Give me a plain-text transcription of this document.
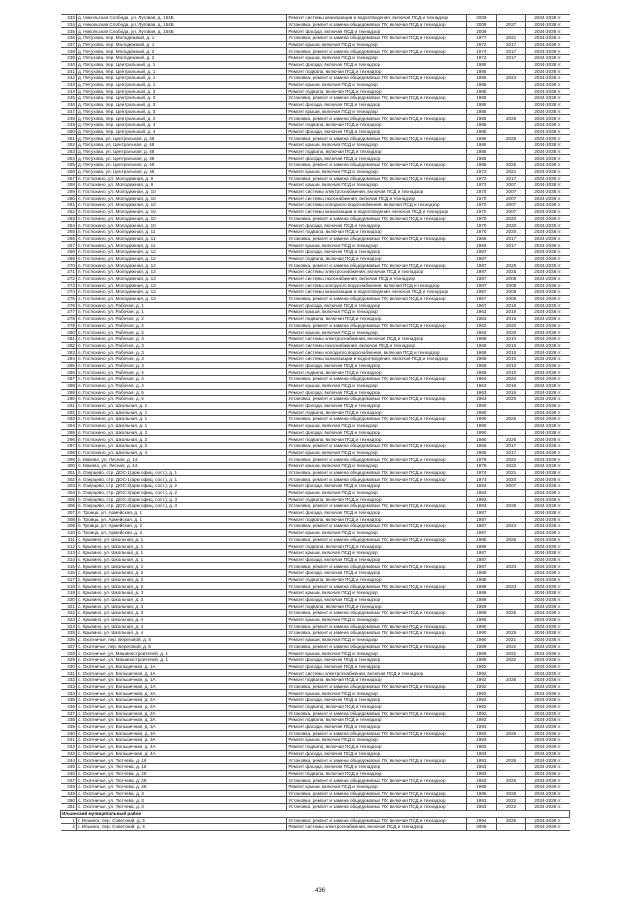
233	д. Никольская Слобода, ул. Луговая, д. 154Б	Ремонт системы канализации и водоотведения, включая ПСД и технадзор	2009		2034-2038 гг.
234	д. Никольская Слобода, ул. Луговая, д. 154Б	Установка, ремонт и замена общедомовых ПУ, включая ПСД и технадзор	2009	2027	2034-2038 гг.
235	д. Никольская Слобода, ул. Луговая, д. 154Б	Ремонт фасада, включая ПСД и технадзор	2009		2034-2038 гг.
236	д. Петухова, пер. Молодежный, д. 1	Установка, ремонт и замена общедомовых ПУ, включая ПСД и технадзор	1977	2021	2034-2038 гг.
237	д. Петухова, пер. Молодежный, д. 1	Ремонт крыши, включая ПСД и технадзор	1972	2017	2034-2038 гг.
238	д. Петухова, пер. Молодежный, д. 2	Установка, ремонт и замена общедомовых ПУ, включая ПСД и технадзор	1974	2017	2034-2038 гг.
239	д. Петухова, пер. Молодежный, д. 2	Ремонт крыши, включая ПСД и технадзор	1974	2017	2034-2038 гг.
240	д. Петухова, пер. Центральный, д. 1	Ремонт фасада, включая ПСД и технадзор	1985		2034-2038 гг.
241	д. Петухова, пер. Центральный, д. 1	Ремонт подвала, включая ПСД и технадзор	1985		2034-2038 гг.
242	д. Петухова, пер. Центральный, д. 1	Установка, ремонт и замена общедомовых ПУ, включая ПСД и технадзор	1985	2024	2034-2038 гг.
243	д. Петухова, пер. Центральный, д. 1	Ремонт крыши, включая ПСД и технадзор	1985		2034-2038 гг.
244	д. Петухова, пер. Центральный, д. 3	Ремонт подвала, включая ПСД и технадзор	1985		2034-2038 гг.
245	д. Петухова, пер. Центральный, д. 3	Установка, ремонт и замена общедомовых ПУ, включая ПСД и технадзор	1985		2034-2038 гг.
246	д. Петухова, пер. Центральный, д. 3	Ремонт фасада, включая ПСД и технадзор	1985		2034-2038 гг.
247	д. Петухова, пер. Центральный, д. 3	Ремонт крыши, включая ПСД и технадзор	1985		2034-2038 гг.
248	д. Петухова, пер. Центральный, д. 4	Установка, ремонт и замена общедомовых ПУ, включая ПСД и технадзор	1985	2025	2034-2038 гг.
249	д. Петухова, пер. Центральный, д. 4	Ремонт подвала, включая ПСД и технадзор	1985		2034-2038 гг.
250	д. Петухова, пер. Центральный, д. 4	Ремонт фасада, включая ПСД и технадзор	1985		2034-2038 гг.
251	д. Петухова, ул. Центральная, д. 48	Установка, ремонт и замена общедомовых ПУ, включая ПСД и технадзор	1985	2025	2034-2038 гг.
252	д. Петухова, ул. Центральная, д. 48	Ремонт крыши, включая ПСД и технадзор	1985		2034-2038 гг.
253	д. Петухова, ул. Центральная, д. 48	Ремонт подвала, включая ПСД и технадзор	1985		2034-2038 гг.
254	д. Петухова, ул. Центральная, д. 49	Ремонт фасада, включая ПСД и технадзор	1985		2034-2038 гг.
255	д. Петухова, ул. Центральная, д. 49	Установка, ремонт и замена общедомовых ПУ, включая ПСД и технадзор	1985	2025	2034-2038 гг.
256	д. Петухова, ул. Центральная, д. 49	Ремонт крыши, включая ПСД и технадзор	1972	2021	2034-2038 гг.
257	п. Гостюхино, ул. Молодежная, д. 9	Установка, ремонт и замена общедомовых ПУ, включая ПСД и технадзор	1972	2017	2034-2038 гг.
258	п. Гостюхино, ул. Молодежная, д. 9	Ремонт крыши, включая ПСД и технадзор	1973	2007	2034-2038 гг.
259	п. Гостюхино, ул. Молодежная, д. 10	Ремонт системы электроснабжения, включая ПСД и технадзор	1970	2007	2034-2038 гг.
260	п. Гостюхино, ул. Молодежная, д. 10	Ремонт системы газоснабжения, включая ПСД и технадзор	1970	2007	2034-2038 гг.
261	п. Гостюхино, ул. Молодежная, д. 10	Ремонт системы холодного водоснабжения, включая ПСД и технадзор	1970	2007	2034-2038 гг.
262	п. Гостюхино, ул. Молодежная, д. 10	Ремонт системы канализации и водоотведения, включая ПСД и технадзор	1970	2007	2034-2038 гг.
263	п. Гостюхино, ул. Молодежная, д. 10	Установка, ремонт и замена общедомовых ПУ, включая ПСД и технадзор	1970	2020	2034-2038 гг.
264	п. Гостюхино, ул. Молодежная, д. 10	Ремонт фасада, включая ПСД и технадзор	1970	2020	2034-2038 гг.
265	п. Гостюхино, ул. Молодежная, д. 11	Ремонт подвала, включая ПСД и технадзор	1970	2020	2034-2038 гг.
266	п. Гостюхино, ул. Молодежная, д. 11	Установка, ремонт и замена общедомовых ПУ, включая ПСД и технадзор	1966	2017	2034-2038 гг.
267	п. Гостюхино, ул. Молодежная, д. 11	Ремонт крыши, включая ПСД и технадзор	1966	2017	2034-2038 гг.
268	п. Гостюхино, ул. Молодежная, д. 12	Ремонт фасада, включая ПСД и технадзор	1987		2034-2038 гг.
269	п. Гостюхино, ул. Молодежная, д. 12	Ремонт подвала, включая ПСД и технадзор	1987		2034-2038 гг.
270	п. Гостюхино, ул. Молодежная, д. 12	Установка, ремонт и замена общедомовых ПУ, включая ПСД и технадзор	1987	2025	2034-2038 гг.
271	п. Гостюхино, ул. Молодежная, д. 13	Ремонт системы электроснабжения, включая ПСД и технадзор	1987	2025	2034-2038 гг.
272	п. Гостюхино, ул. Молодежная, д. 13	Ремонт системы газоснабжения, включая ПСД и технадзор	1987	2008	2034-2038 гг.
273	п. Гостюхино, ул. Молодежная, д. 13	Ремонт системы холодного водоснабжения, включая ПСД и технадзор	1987	2008	2034-2038 гг.
274	п. Гостюхино, ул. Молодежная, д. 13	Ремонт системы канализации и водоотведения, включая ПСД и технадзор	1967	2008	2034-2038 гг.
275	п. Гостюхино, ул. Молодежная, д. 13	Установка, ремонт и замена общедомовых ПУ, включая ПСД и технадзор	1967	2008	2034-2038 гг.
276	п. Гостюхино, ул. Рабочая, д. 1	Ремонт фасада, включая ПСД и технадзор	1967	2016	2034-2038 гг.
277	п. Гостюхино, ул. Рабочая, д. 1	Ремонт крыши, включая ПСД и технадзор	1963	2016	2034-2038 гг.
278	п. Гостюхино, ул. Рабочая, д. 2	Ремонт подвала, включая ПСД и технадзор	1963	2016	2034-2038 гг.
279	п. Гостюхино, ул. Рабочая, д. 2	Установка, ремонт и замена общедомовых ПУ, включая ПСД и технадзор	1963	2020	2034-2038 гг.
280	п. Гостюхино, ул. Рабочая, д. 2	Ремонт крыши, включая ПСД и технадзор	1963	2020	2034-2038 гг.
281	п. Гостюхино, ул. Рабочая, д. 3	Ремонт системы электроснабжения, включая ПСД и технадзор	1968	2010	2034-2038 гг.
282	п. Гостюхино, ул. Рабочая, д. 3	Ремонт системы газоснабжения, включая ПСД и технадзор	1968	2010	2034-2038 гг.
283	п. Гостюхино, ул. Рабочая, д. 3	Ремонт системы холодного водоснабжения, включая ПСД и технадзор	1968	2010	2034-2038 гг.
284	п. Гостюхино, ул. Рабочая, д. 3	Ремонт системы канализации и водоотведения, включая ПСД и технадзор	1968	2010	2034-2038 гг.
285	п. Гостюхино, ул. Рабочая, д. 3	Ремонт фасада, включая ПСД и технадзор	1968	2010	2034-2038 гг.
286	п. Гостюхино, ул. Рабочая, д. 4	Ремонт подвала, включая ПСД и технадзор	1968	2010	2034-2038 гг.
287	п. Гостюхино, ул. Рабочая, д. 4	Установка, ремонт и замена общедомовых ПУ, включая ПСД и технадзор	1964	2020	2034-2038 гг.
288	п. Гостюхино, ул. Рабочая, д. 4	Ремонт крыши, включая ПСД и технадзор	1964	2016	2034-2038 гг.
289	п. Гостюхино, ул. Рабочая, д. 5	Ремонт фасада, включая ПСД и технадзор	1963	2016	2034-2038 гг.
290	п. Гостюхино, ул. Рабочая, д. 5	Установка, ремонт и замена общедомовых ПУ, включая ПСД и технадзор	1963	2020	2034-2038 гг.
291	п. Гостюхино, ул. Школьная, д. 1	Ремонт фасада, включая ПСД и технадзор	1990		2034-2038 гг.
292	п. Гостюхино, ул. Школьная, д. 1	Ремонт подвала, включая ПСД и технадзор	1990		2034-2038 гг.
293	п. Гостюхино, ул. Школьная, д. 1	Установка, ремонт и замена общедомовых ПУ, включая ПСД и технадзор	1990	2025	2034-2038 гг.
294	п. Гостюхино, ул. Школьная, д. 1	Ремонт крыши, включая ПСД и технадзор	1990		2034-2038 гг.
295	п. Гостюхино, ул. Школьная, д. 2	Ремонт фасада, включая ПСД и технадзор	1990		2034-2038 гг.
296	п. Гостюхино, ул. Школьная, д. 2	Ремонт подвала, включая ПСД и технадзор	1990	2025	2034-2038 гг.
297	п. Гостюхино, ул. Школьная, д. 2	Установка, ремонт и замена общедомовых ПУ, включая ПСД и технадзор	1965	2017	2034-2038 гг.
298	п. Гостюхино, ул. Школьная, д. 4	Ремонт крыши, включая ПСД и технадзор	1965	2017	2034-2038 гг.
299	п. Маково, ул. Лесная, д. 14	Установка, ремонт и замена общедомовых ПУ, включая ПСД и технадзор	1978	2022	2034-2038 гг.
300	п. Маково, ул. Лесная, д. 14	Ремонт крыши, включая ПСД и технадзор	1978	2022	2034-2038 гг.
301	п. Озерцево, стр. ДОС-1(арм офиц. сост.), д. 1	Установка, ремонт и замена общедомовых ПУ, включая ПСД и технадзор	1974	2021	2034-2038 гг.
302	п. Озерцево, стр. ДОС-1(арм офиц. сост.), д. 1	Установка, ремонт и замена общедомовых ПУ, включая ПСД и технадзор	1974	2020	2034-2038 гг.
303	п. Озерцево, стр. ДОС-2(арм офиц. сост.), д. 2	Ремонт фасада, включая ПСД и технадзор	1994	2007	2034-2038 гг.
304	п. Озерцево, стр. ДОС-2(арм офиц. сост.), д. 2	Ремонт крыши, включая ПСД и технадзор	1993		2034-2038 гг.
305	п. Озерцево, стр. ДОС-2(арм офиц. сост.), д. 3	Ремонт подвала, включая ПСД и технадзор	1993		2034-2038 гг.
306	п. Озерцево, стр. ДОС-2(арм офиц. сост.), д. 3	Установка, ремонт и замена общедомовых ПУ, включая ПСД и технадзор	1993	2025	2034-2038 гг.
307	п. Троица, ул. Армейская, д. 1	Ремонт фасада, включая ПСД и технадзор	1987		2034-2038 гг.
308	п. Троица, ул. Армейская, д. 1	Ремонт подвала, включая ПСД и технадзор	1987		2034-2038 гг.
309	п. Троица, ул. Армейская, д. 2	Установка, ремонт и замена общедомовых ПУ, включая ПСД и технадзор	1987	2024	2034-2038 гг.
310	п. Троица, ул. Армейская, д. 2	Ремонт крыши, включая ПСД и технадзор	1987		2034-2038 гг.
311	с. Крывино, ул. Школьная, д. 1	Установка, ремонт и замена общедомовых ПУ, включая ПСД и технадзор	1985	2025	2034-2038 гг.
312	с. Крывино, ул. Школьная, д. 1	Ремонт подвала, включая ПСД и технадзор	1985		2034-2038 гг.
313	с. Крывино, ул. Школьная, д. 1	Ремонт крыши, включая ПСД и технадзор	1987		2034-2038 гг.
314	с. Крывино, ул. Школьная, д. 1	Ремонт фасада, включая ПСД и технадзор	1987		2034-2038 гг.
315	с. Крывино, ул. Школьная, д. 1	Установка, ремонт и замена общедомовых ПУ, включая ПСД и технадзор	1987	2023	2034-2038 гг.
316	с. Крывино, ул. Школьная, д. 2	Ремонт фасада, включая ПСД и технадзор	1988		2034-2038 гг.
317	с. Крывино, ул. Школьная, д. 2	Ремонт подвала, включая ПСД и технадзор	1988		2034-2038 гг.
318	с. Крывино, ул. Школьная, д. 2	Установка, ремонт и замена общедомовых ПУ, включая ПСД и технадзор	1988	2023	2034-2038 гг.
319	с. Крывино, ул. Школьная, д. 3	Ремонт крыши, включая ПСД и технадзор	1988		2034-2038 гг.
320	с. Крывино, ул. Школьная, д. 3	Ремонт фасада, включая ПСД и технадзор	1989		2034-2038 гг.
321	с. Крывино, ул. Школьная, д. 3	Ремонт подвала, включая ПСД и технадзор	1989		2034-2038 гг.
322	с. Крывино, ул. Школьная, д. 3	Установка, ремонт и замена общедомовых ПУ, включая ПСД и технадзор	1989	2025	2034-2038 гг.
323	с. Крывино, ул. Школьная, д. 4	Ремонт крыши, включая ПСД и технадзор	1990		2034-2038 гг.
324	с. Крывино, ул. Школьная, д. 4	Установка, ремонт и замена общедомовых ПУ, включая ПСД и технадзор	1990		2034-2038 гг.
325	с. Крывино, ул. Школьная, д. 4	Установка, ремонт и замена общедомовых ПУ, включая ПСД и технадзор	1990	2025	2034-2038 гг.
326	с. Охотничье, пер. Береговой, д. 5	Ремонт крыши, включая ПСД и технадзор	1990	2021	2034-2038 гг.
327	с. Охотничье, пер. Береговой, д. 5	Установка, ремонт и замена общедомовых ПУ, включая ПСД и технадзор	1989	2022	2034-2038 гг.
328	с. Охотничье, ул. Машиностроителей, д. 1	Ремонт крыши, включая ПСД и технадзор	1989	2022	2034-2038 гг.
329	с. Охотничье, ул. Машиностроителей, д. 1	Ремонт фасада, включая ПСД и технадзор	1989	2022	2034-2038 гг.
330	с. Охотничье, ул. Большечная, д. 1А	Ремонт фасада, включая ПСД и технадзор	1992		2034-2038 гг.
331	с. Охотничье, ул. Большечная, д. 1А	Ремонт системы электроснабжения, включая ПСД и технадзор	1992		2034-2038 гг.
332	с. Охотничье, ул. Большечная, д. 1А	Ремонт подвала, включая ПСД и технадзор	1992	2026	2034-2038 гг.
333	с. Охотничье, ул. Большечная, д. 1А	Установка, ремонт и замена общедомовых ПУ, включая ПСД и технадзор	1992		2034-2038 гг.
334	с. Охотничье, ул. Большечная, д. 2А	Ремонт крыши, включая ПСД и технадзор	1992		2034-2038 гг.
335	с. Охотничье, ул. Большечная, д. 2А	Ремонт фасада, включая ПСД и технадзор	1992		2034-2038 гг.
336	с. Охотничье, ул. Большечная, д. 2А	Ремонт подвала, включая ПСД и технадзор	1992		2034-2038 гг.
337	с. Охотничье, ул. Большечная, д. 2А	Установка, ремонт и замена общедомовых ПУ, включая ПСД и технадзор	1992		2034-2038 гг.
338	с. Охотничье, ул. Большечная, д. 3А	Ремонт подвала, включая ПСД и технадзор	1993		2034-2038 гг.
339	с. Охотничье, ул. Большечная, д. 3А	Ремонт фасада, включая ПСД и технадзор	1993		2034-2038 гг.
340	с. Охотничье, ул. Большечная, д. 3А	Установка, ремонт и замена общедомовых ПУ, включая ПСД и технадзор	1993	2026	2034-2038 гг.
341	с. Охотничье, ул. Большечная, д. 3А	Ремонт крыши, включая ПСД и технадзор	1993		2034-2038 гг.
342	с. Охотничье, ул. Большечная, д. 4А	Ремонт подвала, включая ПСД и технадзор	1983		2034-2038 гг.
343	с. Охотничье, ул. Большечная, д. 4А	Ремонт фасада, включая ПСД и технадзор	1983		2034-2038 гг.
344	с. Охотничье, ул. Тютчева, д. 16	Установка, ремонт и замена общедомовых ПУ, включая ПСД и технадзор	1983	2026	2034-2038 гг.
345	с. Охотничье, ул. Тютчева, д. 16	Ремонт фасада, включая ПСД и технадзор	1983		2034-2038 гг.
346	с. Охотничье, ул. Тютчева, д. 29	Ремонт подвала, включая ПСД и технадзор	1983		2034-2038 гг.
347	с. Охотничье, ул. Тютчева, д. 29	Установка, ремонт и замена общедомовых ПУ, включая ПСД и технадзор	1983	2026	2034-2038 гг.
348	с. Охотничье, ул. Тютчева, д. 29	Ремонт крыши, включая ПСД и технадзор	1985		2034-2038 гг.
349	с. Охотничье, ул. Тютчева, д. 3	Установка, ремонт и замена общедомовых ПУ, включая ПСД и технадзор	1985	2026	2034-2038 гг.
350	с. Охотничье, ул. Тютчева, д. 3	Установка, ремонт и замена общедомовых ПУ, включая ПСД и технадзор	1983	2022	2034-2038 гг.
351	с. Охотничье, ул. Тютчева, д. 3	Установка, ремонт и замена общедомовых ПУ, включая ПСД и технадзор	1983	2022	2034-2038 гг.
Ильинский муниципальный район					
1	г. Ильинск, пер. Советский, д. 3	Установка, ремонт и замена общедомовых ПУ, включая ПСД и технадзор	1994	2026	2034-2038 гг.
2	г. Ильинск, пер. Советский, д. 3	Ремонт системы электроснабжения, включая ПСД и технадзор	2008		2034-2038 гг.
436
